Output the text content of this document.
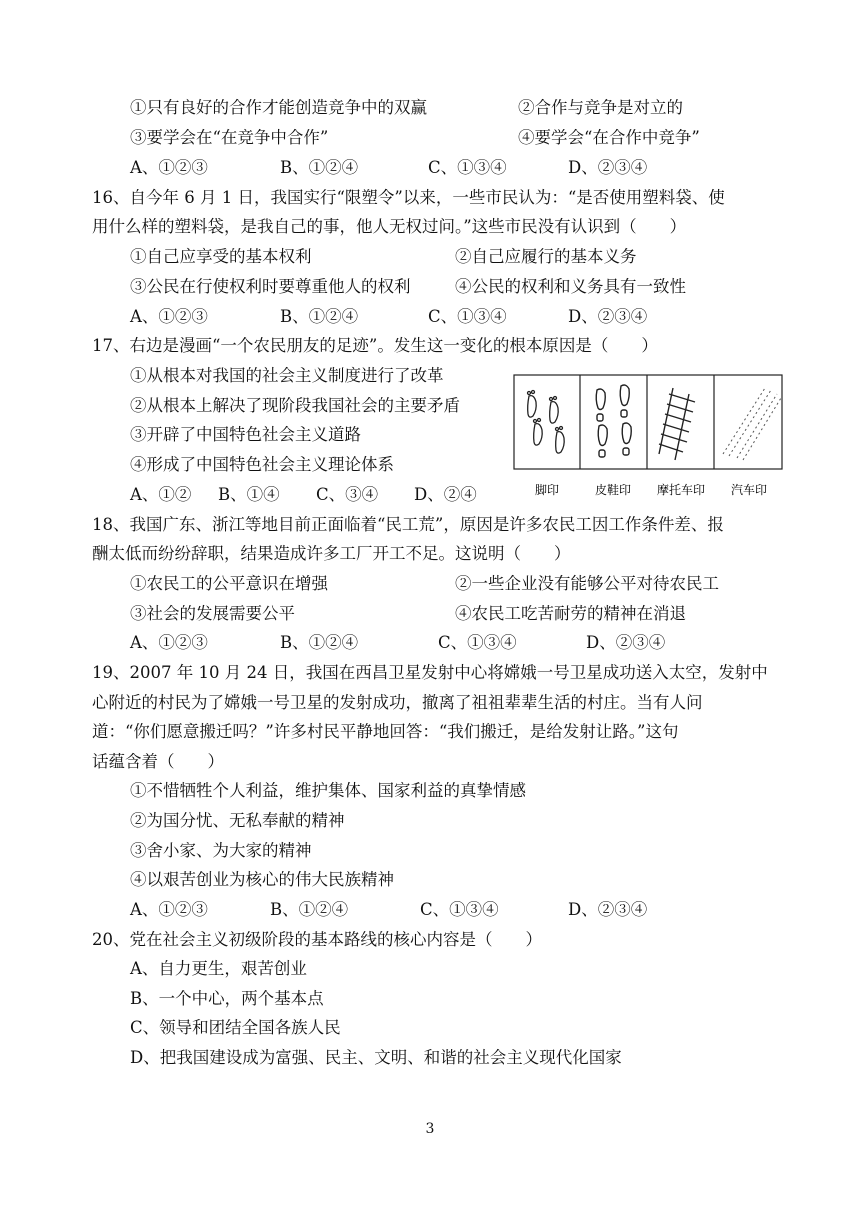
①只有良好的合作才能创造竞争中的双赢	②合作与竞争是对立的
③要学会在“在竞争中合作”	④要学会“在合作中竞争”
A、①②③	B、①②④	C、①③④	D、②③④
16、自今年 6 月 1 日，我国实行“限塑令”以来，一些市民认为：“是否使用塑料袋、使
用什么样的塑料袋，是我自己的事，他人无权过问。”这些市民没有认识到（　　）
①自己应享受的基本权利	②自己应履行的基本义务
③公民在行使权利时要尊重他人的权利	④公民的权利和义务具有一致性
A、①②③	B、①②④	C、①③④	D、②③④
17、右边是漫画“一个农民朋友的足迹”。发生这一变化的根本原因是（　　）
①从根本对我国的社会主义制度进行了改革
②从根本上解决了现阶段我国社会的主要矛盾
③开辟了中国特色社会主义道路
④形成了中国特色社会主义理论体系
A、①② B、①④ C、③④ D、②④	脚印	皮鞋印 摩托车印 汽车印
18、我国广东、浙江等地目前正面临着“民工荒”，原因是许多农民工因工作条件差、报
酬太低而纷纷辞职，结果造成许多工厂开工不足。这说明（　　）
①农民工的公平意识在增强	②一些企业没有能够公平对待农民工
③社会的发展需要公平	④农民工吃苦耐劳的精神在消退
A、①②③	B、①②④	C、①③④	D、②③④
19、2007 年 10 月 24 日，我国在西昌卫星发射中心将嫦娥一号卫星成功送入太空，发射中
心附近的村民为了嫦娥一号卫星的发射成功，撤离了祖祖辈辈生活的村庄。当有人问
道：“你们愿意搬迁吗？”许多村民平静地回答：“我们搬迁，是给发射让路。”这句
话蕴含着（　　）
①不惜牺牲个人利益，维护集体、国家利益的真挚情感
②为国分忧、无私奉献的精神
③舍小家、为大家的精神
④以艰苦创业为核心的伟大民族精神
A、①②③	B、①②④	C、①③④	D、②③④
20、党在社会主义初级阶段的基本路线的核心内容是（　　）
A、自力更生，艰苦创业
B、一个中心，两个基本点
C、领导和团结全国各族人民
D、把我国建设成为富强、民主、文明、和谐的社会主义现代化国家
3
